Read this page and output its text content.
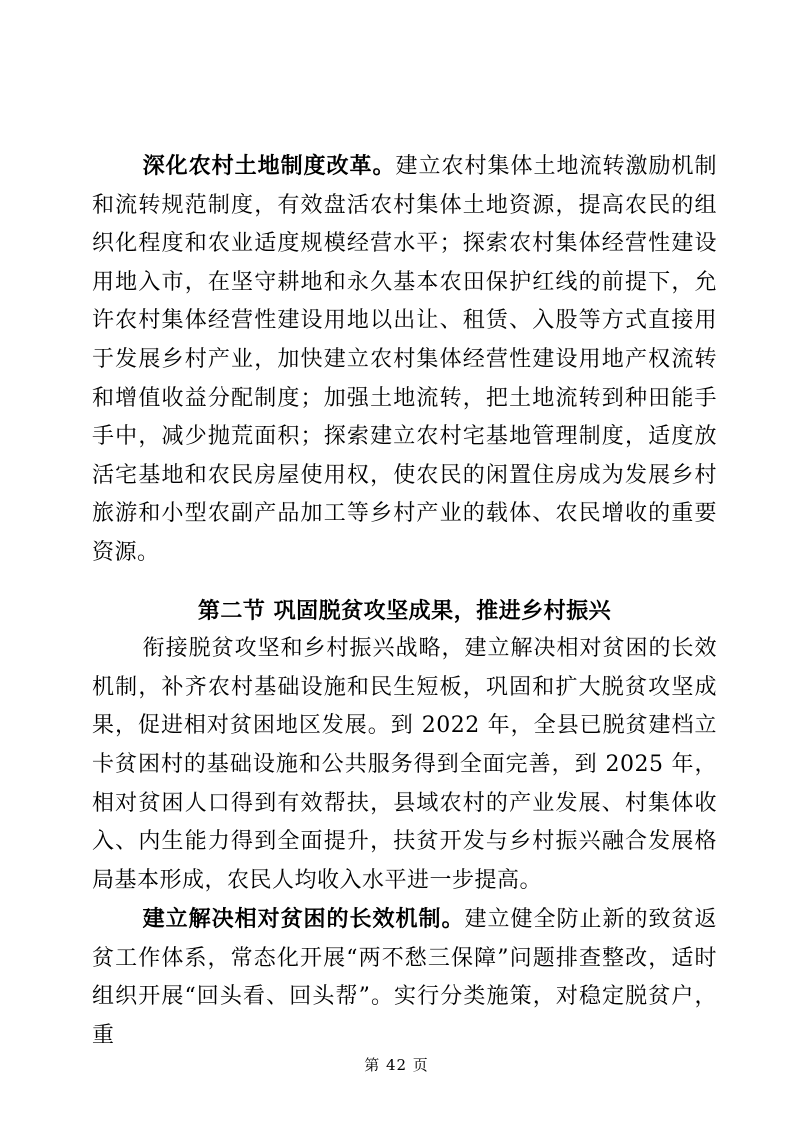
深化农村土地制度改革。建立农村集体土地流转激励机制和流转规范制度，有效盘活农村集体土地资源，提高农民的组织化程度和农业适度规模经营水平；探索农村集体经营性建设用地入市，在坚守耕地和永久基本农田保护红线的前提下，允许农村集体经营性建设用地以出让、租赁、入股等方式直接用于发展乡村产业，加快建立农村集体经营性建设用地产权流转和增值收益分配制度；加强土地流转，把土地流转到种田能手手中，减少抛荒面积；探索建立农村宅基地管理制度，适度放活宅基地和农民房屋使用权，使农民的闲置住房成为发展乡村旅游和小型农副产品加工等乡村产业的载体、农民增收的重要资源。

第二节 巩固脱贫攻坚成果，推进乡村振兴

衔接脱贫攻坚和乡村振兴战略，建立解决相对贫困的长效机制，补齐农村基础设施和民生短板，巩固和扩大脱贫攻坚成果，促进相对贫困地区发展。到 2022 年，全县已脱贫建档立卡贫困村的基础设施和公共服务得到全面完善，到 2025 年，相对贫困人口得到有效帮扶，县域农村的产业发展、村集体收入、内生能力得到全面提升，扶贫开发与乡村振兴融合发展格局基本形成，农民人均收入水平进一步提高。

建立解决相对贫困的长效机制。建立健全防止新的致贫返贫工作体系，常态化开展“两不愁三保障”问题排查整改，适时组织开展“回头看、回头帮”。实行分类施策，对稳定脱贫户，重

第 42 页
